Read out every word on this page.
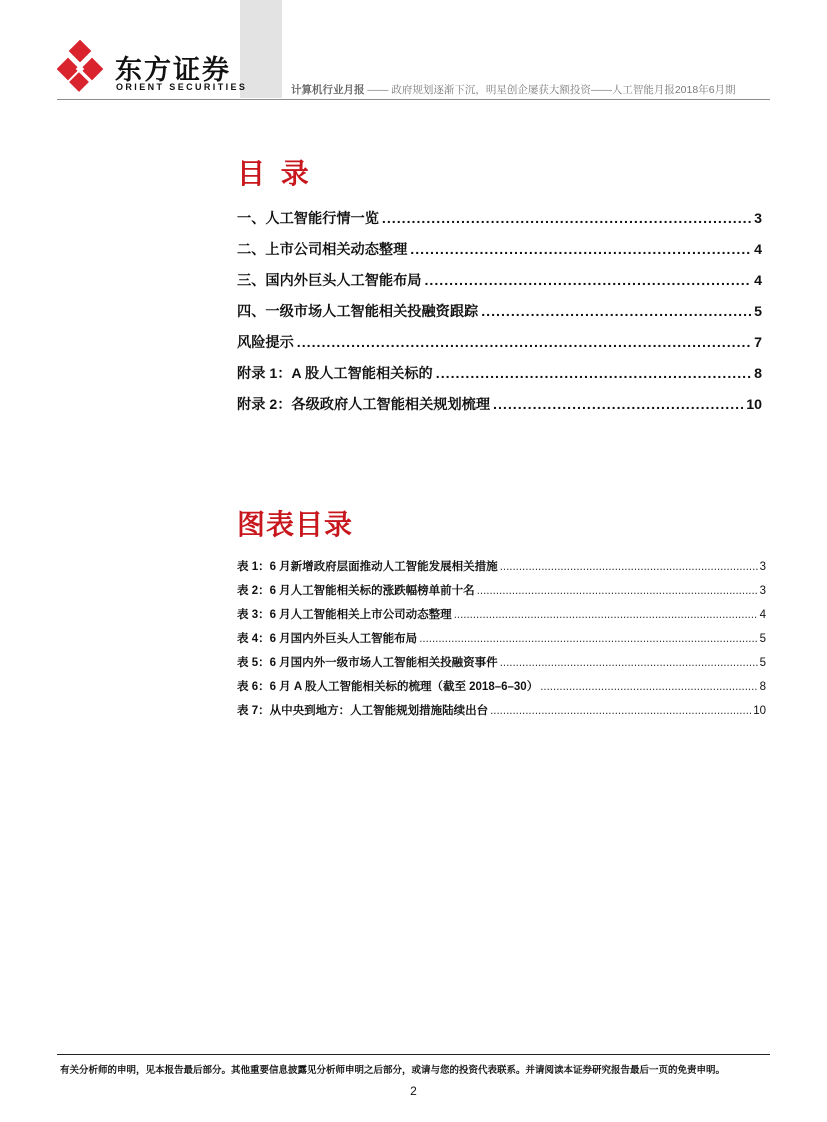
东方证券
ORIENT SECURITIES	计算机行业月报 —— 政府规划逐渐下沉，明星创企屡获大额投资——人工智能月报2018年6月期
目 录
一、人工智能行情一览 .....	3
二、上市公司相关动态整理 .....	4
三、国内外巨头人工智能布局 .....	4
四、一级市场人工智能相关投融资跟踪 .....	5
风险提示 .....	7
附录 1：A 股人工智能相关标的 .....	8
附录 2：各级政府人工智能相关规划梳理 .....	10
图表目录
表 1：6 月新增政府层面推动人工智能发展相关措施 .....	3
表 2：6 月人工智能相关标的涨跌幅榜单前十名 .....	3
表 3：6 月人工智能相关上市公司动态整理 .....	4
表 4：6 月国内外巨头人工智能布局 .....	5
表 5：6 月国内外一级市场人工智能相关投融资事件 .....	5
表 6：6 月 A 股人工智能相关标的梳理（截至 2018–6–30） .....	8
表 7：从中央到地方：人工智能规划措施陆续出台 .....	10
有关分析师的申明，见本报告最后部分。其他重要信息披露见分析师申明之后部分，或请与您的投资代表联系。并请阅读本证券研究报告最后一页的免责申明。
2
